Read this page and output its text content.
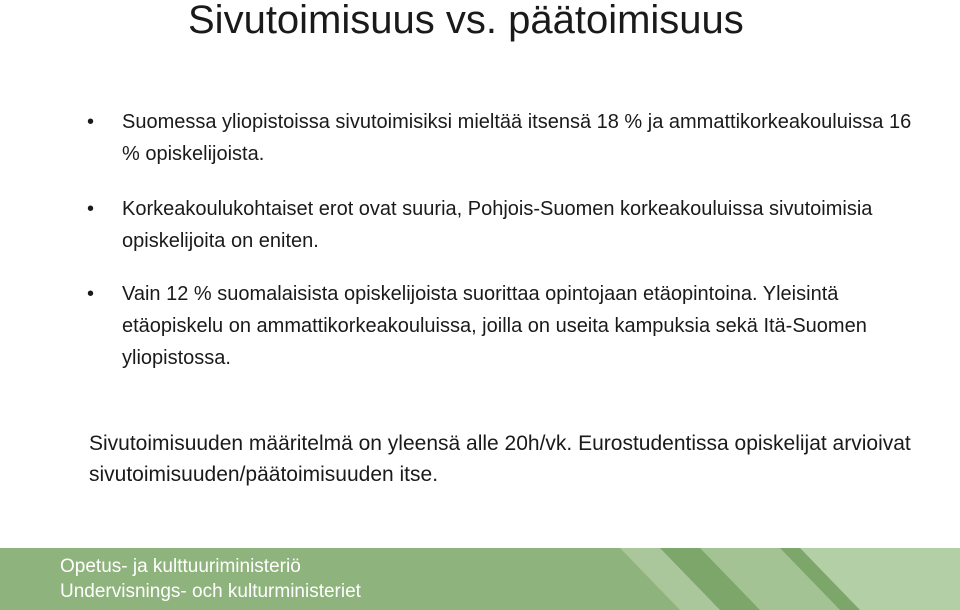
Sivutoimisuus vs. päätoimisuus
• Suomessa yliopistoissa sivutoimisiksi mieltää itsensä 18 % ja ammattikorkeakouluissa 16 % opiskelijoista.
• Korkeakoulukohtaiset erot ovat suuria, Pohjois-Suomen korkeakouluissa sivutoimisia opiskelijoita on eniten.
• Vain 12 % suomalaisista opiskelijoista suorittaa opintojaan etäopintoina. Yleisintä etäopiskelu on ammattikorkeakouluissa, joilla on useita kampuksia sekä Itä-Suomen yliopistossa.
Sivutoimisuuden määritelmä on yleensä alle 20h/vk. Eurostudentissa opiskelijat arvioivat sivutoimisuuden/päätoimisuuden itse.
Opetus- ja kulttuuriministeriö
Undervisnings- och kulturministeriet
